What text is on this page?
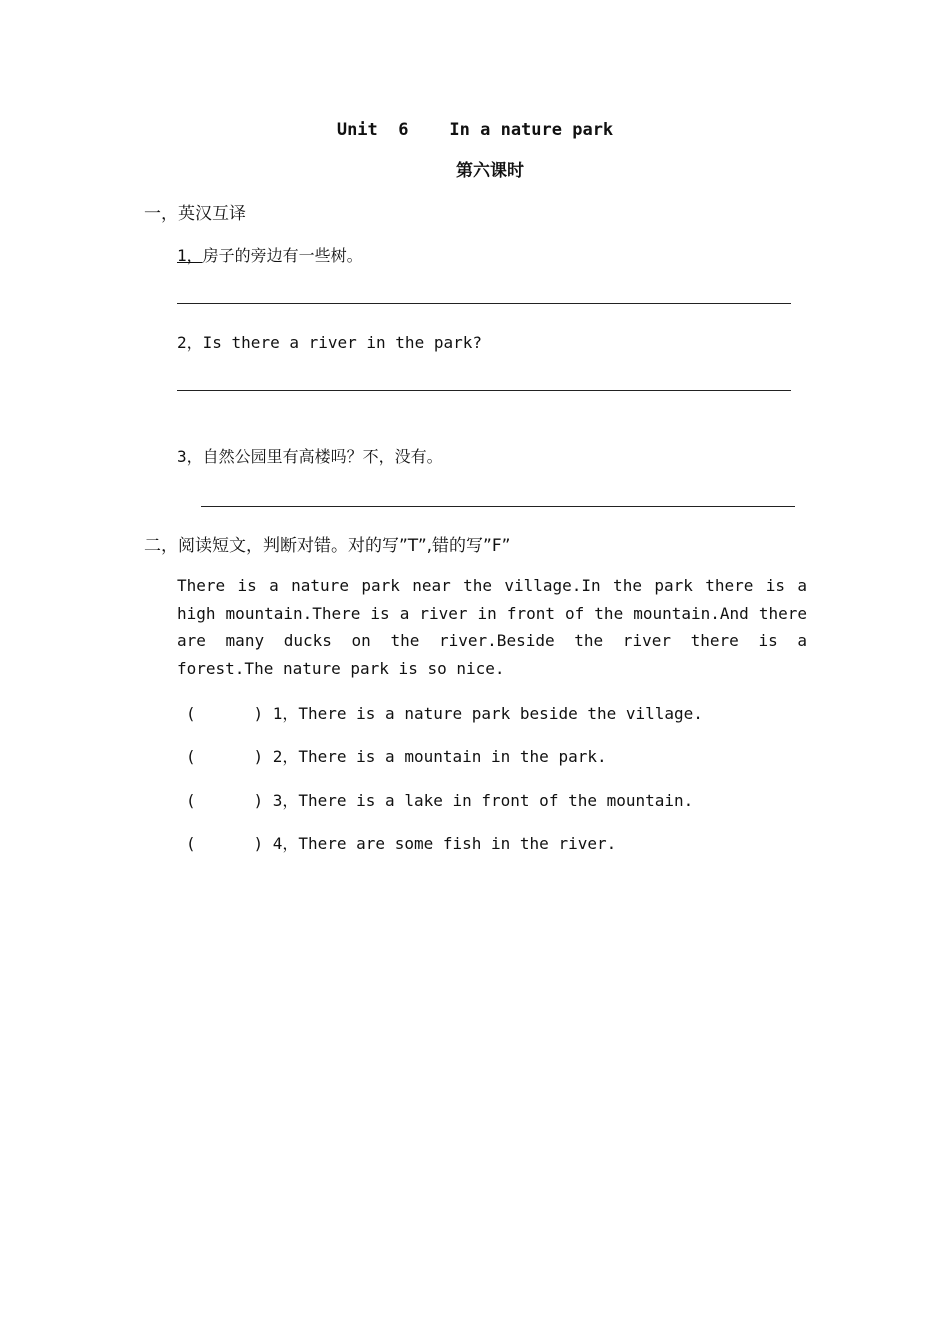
Unit  6    In a nature park
第六课时
一，英汉互译
1，房子的旁边有一些树。
2，Is there a river in the park?
3，自然公园里有高楼吗？不，没有。
二，阅读短文，判断对错。对的写”T”,错的写”F”
There is a nature park near the village.In the park there is a high mountain.There is a river in front of the mountain.And there are many ducks on the river.Beside the river there is a forest.The nature park is so nice.
(	) 1，There is a nature park beside the village.
(	) 2，There is a mountain in the park.
(	) 3，There is a lake in front of the mountain.
(	) 4，There are some fish in the river.
